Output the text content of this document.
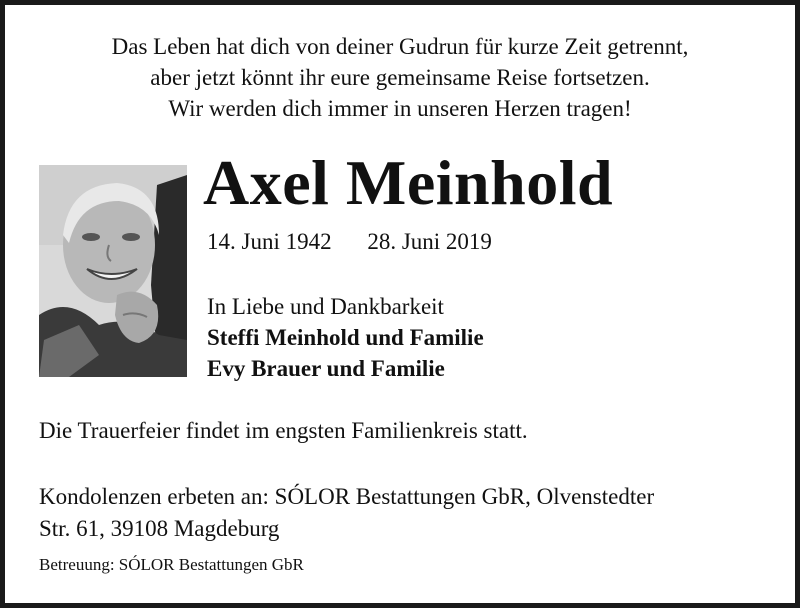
Das Leben hat dich von deiner Gudrun für kurze Zeit getrennt,
aber jetzt könnt ihr eure gemeinsame Reise fortsetzen.
Wir werden dich immer in unseren Herzen tragen!
Axel Meinhold
14. Juni 1942 28. Juni 2019
In Liebe und Dankbarkeit
Steffi Meinhold und Familie
Evy Brauer und Familie
Die Trauerfeier findet im engsten Familienkreis statt.
Kondolenzen erbeten an: SÓLOR Bestattungen GbR, Olvenstedter
Str. 61, 39108 Magdeburg
Betreuung: SÓLOR Bestattungen GbR
